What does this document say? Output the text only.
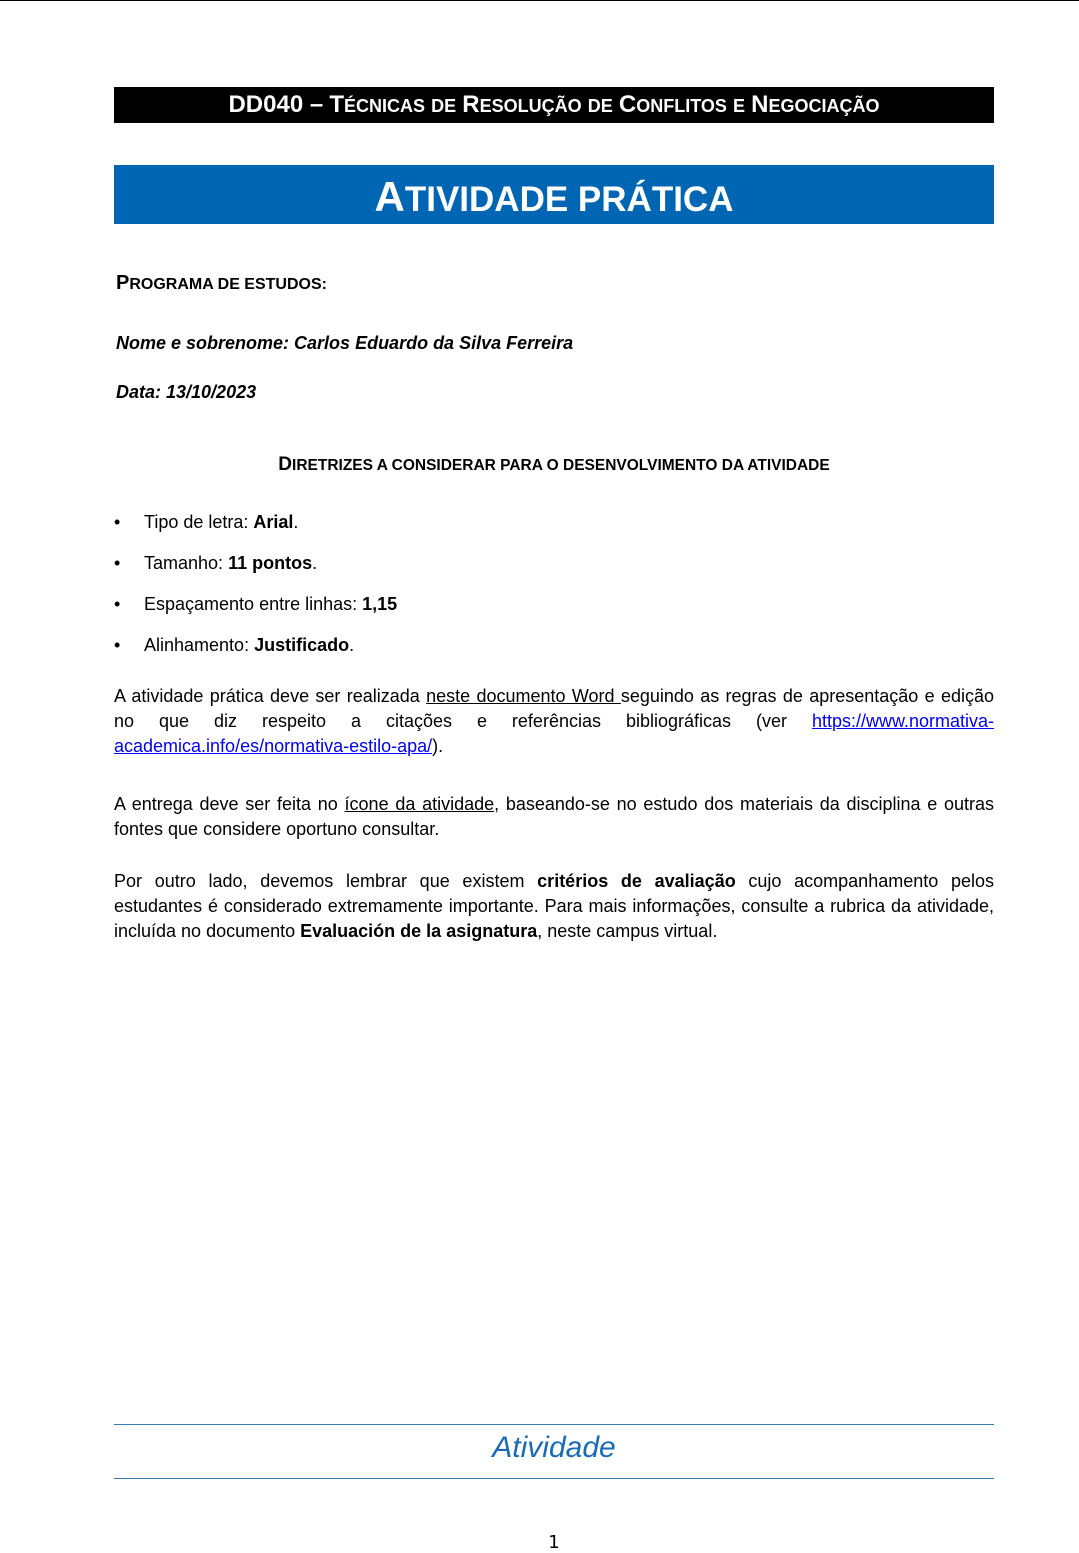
DD040 – TÉCNICAS DE RESOLUÇÃO DE CONFLITOS E NEGOCIAÇÃO
ATIVIDADE PRÁTICA
PROGRAMA DE ESTUDOS:
Nome e sobrenome: Carlos Eduardo da Silva Ferreira
Data: 13/10/2023
DIRETRIZES A CONSIDERAR PARA O DESENVOLVIMENTO DA ATIVIDADE
• Tipo de letra: Arial.
• Tamanho: 11 pontos.
• Espaçamento entre linhas: 1,15
• Alinhamento: Justificado.

A atividade prática deve ser realizada neste documento Word seguindo as regras de apresentação e edição no que diz respeito a citações e referências bibliográficas (ver https://www.normativa-academica.info/es/normativa-estilo-apa/).

A entrega deve ser feita no ícone da atividade, baseando-se no estudo dos materiais da disciplina e outras fontes que considere oportuno consultar.

Por outro lado, devemos lembrar que existem critérios de avaliação cujo acompanhamento pelos estudantes é considerado extremamente importante. Para mais informações, consulte a rubrica da atividade, incluída no documento Evaluación de la asignatura, neste campus virtual.

Atividade
1
